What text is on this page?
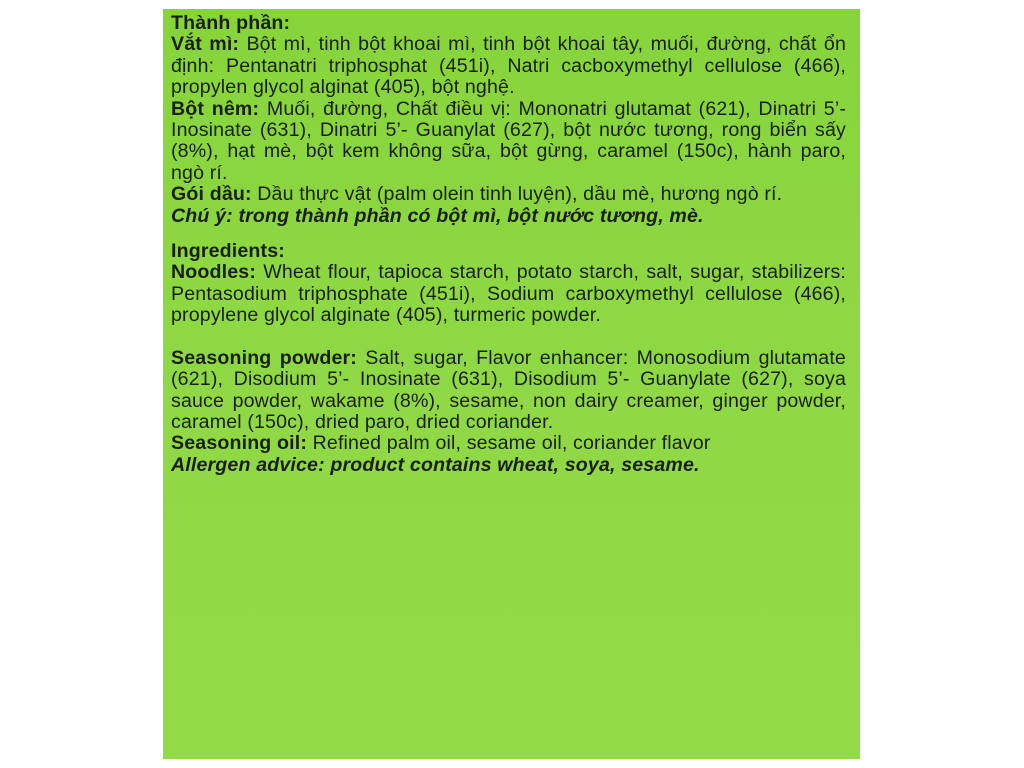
Thành phần:

Vắt mì: Bột mì, tinh bột khoai mì, tinh bột khoai tây, muối, đường, chất ổn định: Pentanatri triphosphat (451i), Natri cacboxymethyl cellulose (466), propylen glycol alginat (405), bột nghệ.

Bột nêm: Muối, đường, Chất điều vị: Mononatri glutamat (621), Dinatri 5’- Inosinate (631), Dinatri 5’- Guanylat (627), bột nước tương, rong biển sấy (8%), hạt mè, bột kem không sữa, bột gừng, caramel (150c), hành paro, ngò rí.

Gói dầu: Dầu thực vật (palm olein tinh luyện), dầu mè, hương ngò rí.

Chú ý: trong thành phần có bột mì, bột nước tương, mè.

Ingredients:

Noodles: Wheat flour, tapioca starch, potato starch, salt, sugar, stabilizers: Pentasodium triphosphate (451i), Sodium carboxymethyl cellulose (466), propylene glycol alginate (405), turmeric powder.

Seasoning powder: Salt, sugar, Flavor enhancer: Monosodium glutamate (621), Disodium 5’- Inosinate (631), Disodium 5’- Guanylate (627), soya sauce powder, wakame (8%), sesame, non dairy creamer, ginger powder, caramel (150c), dried paro, dried coriander.

Seasoning oil: Refined palm oil, sesame oil, coriander flavor

Allergen advice: product contains wheat, soya, sesame.
